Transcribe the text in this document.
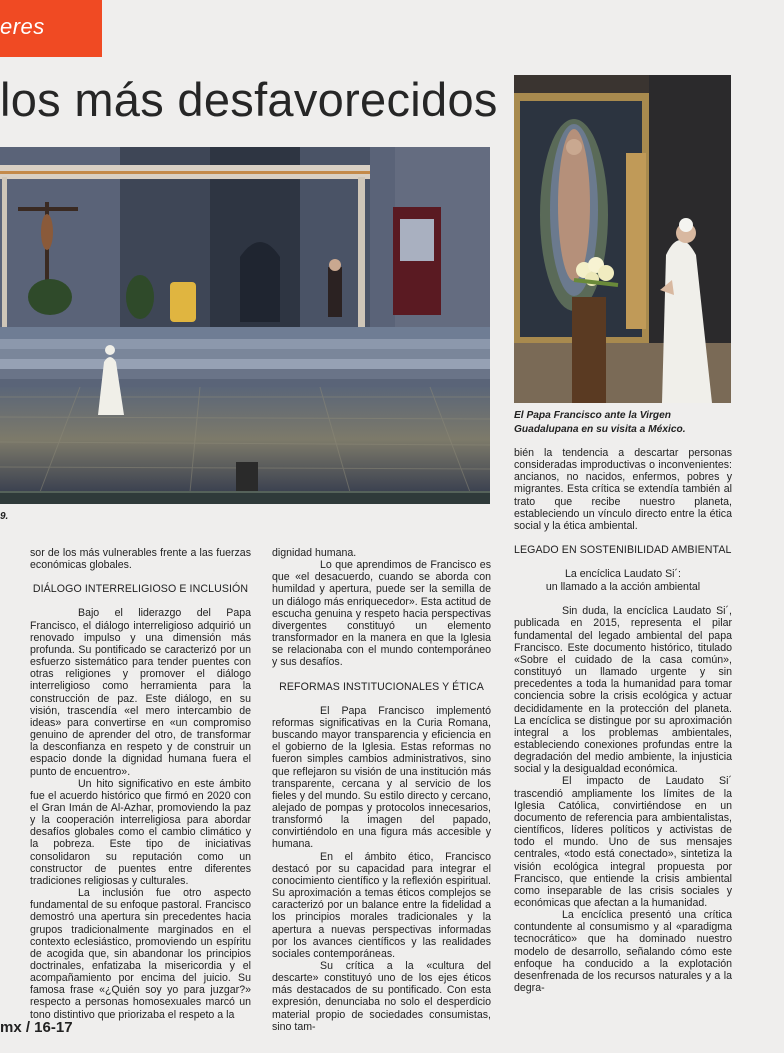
eres
los más desfavorecidos
9.
El Papa Francisco ante la Virgen Guadalupana en su visita a México.

sor de los más vulnerables frente a las fuerzas económicas globales.

DIÁLOGO INTERRELIGIOSO E INCLUSIÓN

Bajo el liderazgo del Papa Francisco, el diálogo interreligioso adquirió un renovado impulso y una dimensión más profunda. Su pontificado se caracterizó por un esfuerzo sistemático para tender puentes con otras religiones y promover el diálogo interreligioso como herramienta para la construcción de paz. Este diálogo, en su visión, trascendía «el mero intercambio de ideas» para convertirse en «un compromiso genuino de aprender del otro, de transformar la desconfianza en respeto y de construir un espacio donde la dignidad humana fuera el punto de encuentro».

Un hito significativo en este ámbito fue el acuerdo histórico que firmó en 2020 con el Gran Imán de Al-Azhar, promoviendo la paz y la cooperación interreligiosa para abordar desafíos globales como el cambio climático y la pobreza. Este tipo de iniciativas consolidaron su reputación como un constructor de puentes entre diferentes tradiciones religiosas y culturales.

La inclusión fue otro aspecto fundamental de su enfoque pastoral. Francisco demostró una apertura sin precedentes hacia grupos tradicionalmente marginados en el contexto eclesiástico, promoviendo un espíritu de acogida que, sin abandonar los principios doctrinales, enfatizaba la misericordia y el acompañamiento por encima del juicio. Su famosa frase «¿Quién soy yo para juzgar?» respecto a personas homosexuales marcó un tono distintivo que priorizaba el respeto a la

dignidad humana.

Lo que aprendimos de Francisco es que «el desacuerdo, cuando se aborda con humildad y apertura, puede ser la semilla de un diálogo más enriquecedor». Esta actitud de escucha genuina y respeto hacia perspectivas divergentes constituyó un elemento transformador en la manera en que la Iglesia se relacionaba con el mundo contemporáneo y sus desafíos.

REFORMAS INSTITUCIONALES Y ÉTICA

El Papa Francisco implementó reformas significativas en la Curia Romana, buscando mayor transparencia y eficiencia en el gobierno de la Iglesia. Estas reformas no fueron simples cambios administrativos, sino que reflejaron su visión de una institución más transparente, cercana y al servicio de los fieles y del mundo. Su estilo directo y cercano, alejado de pompas y protocolos innecesarios, transformó la imagen del papado, convirtiéndolo en una figura más accesible y humana.

En el ámbito ético, Francisco destacó por su capacidad para integrar el conocimiento científico y la reflexión espiritual. Su aproximación a temas éticos complejos se caracterizó por un balance entre la fidelidad a los principios morales tradicionales y la apertura a nuevas perspectivas informadas por los avances científicos y las realidades sociales contemporáneas.

Su crítica a la «cultura del descarte» constituyó uno de los ejes éticos más destacados de su pontificado. Con esta expresión, denunciaba no solo el desperdicio material propio de sociedades consumistas, sino tam-

bién la tendencia a descartar personas consideradas improductivas o inconvenientes: ancianos, no nacidos, enfermos, pobres y migrantes. Esta crítica se extendía también al trato que recibe nuestro planeta, estableciendo un vínculo directo entre la ética social y la ética ambiental.

LEGADO EN SOSTENIBILIDAD AMBIENTAL
La encíclica Laudato Si´:
un llamado a la acción ambiental

Sin duda, la encíclica Laudato Si´, publicada en 2015, representa el pilar fundamental del legado ambiental del papa Francisco. Este documento histórico, titulado «Sobre el cuidado de la casa común», constituyó un llamado urgente y sin precedentes a toda la humanidad para tomar conciencia sobre la crisis ecológica y actuar decididamente en la protección del planeta. La encíclica se distingue por su aproximación integral a los problemas ambientales, estableciendo conexiones profundas entre la degradación del medio ambiente, la injusticia social y la desigualdad económica.

El impacto de Laudato Si´ trascendió ampliamente los límites de la Iglesia Católica, convirtiéndose en un documento de referencia para ambientalistas, científicos, líderes políticos y activistas de todo el mundo. Uno de sus mensajes centrales, «todo está conectado», sintetiza la visión ecológica integral propuesta por Francisco, que entiende la crisis ambiental como inseparable de las crisis sociales y económicas que afectan a la humanidad.

La encíclica presentó una crítica contundente al consumismo y al «paradigma tecnocrático» que ha dominado nuestro modelo de desarrollo, señalando cómo este enfoque ha conducido a la explotación desenfrenada de los recursos naturales y a la degra-

mx / 16-17
